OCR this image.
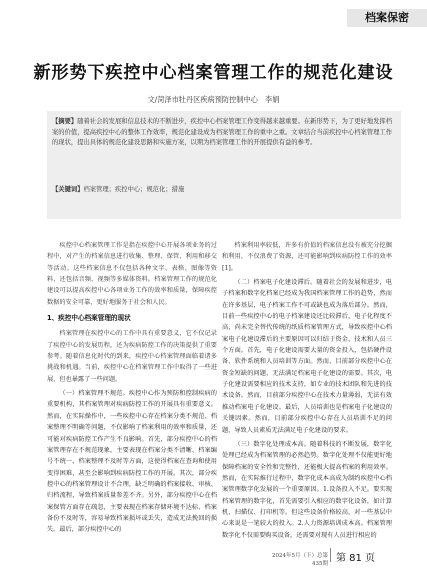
档案保密
新形势下疾控中心档案管理工作的规范化建设
文/菏泽市牡丹区疾病预防控制中心　李娟
【摘要】随着社会的发展和信息技术的不断进步，疾控中心档案管理工作变得越来越重要。在新形势下，为了更好地发挥档案的价值，提高疾控中心的整体工作效率，规范化建设成为档案管理工作的重中之重。文章结合当前疾控中心档案管理工作的现状，提出具体的规范化建设思路和实施方案，以期为档案管理工作的开展提供有益的参考。
【关键词】档案管理；疾控中心；规范化；措施

疾控中心档案管理工作是指在疾控中心开展各项业务的过程中，对产生的档案信息进行收集、整理、保管、利用和移交等活动。这些档案信息不仅包括各种文字、表格、图像等资料，还包括音频、视频等多媒体资料。档案管理工作的规范化建设可以提高疾控中心各项业务工作的效率和质量，保障疾控数据的安全可靠，更好地服务于社会和人民。

1、疾控中心档案管理的现状

档案管理在疾控中心的工作中具有重要意义，它不仅记录了疾控中心的发展历程，还为疾病防控工作的决策提供了重要参考。随着信息化时代的到来，疾控中心档案管理面临着诸多挑战和机遇。当前，疾控中心在档案管理工作中取得了一些进展，但也暴露了一些问题。

（一）档案管理不规范。疾控中心作为预防和控制疾病的重要机构，其档案管理对疾病防控工作的开展具有重要意义。然而，在实际操作中，一些疾控中心存在档案分类不规范、档案整理不明确等问题，不仅影响了档案利用的效率和质量，还可能对疾病防控工作产生不良影响。首先，部分疾控中心的档案管理存在不规范现象，主要表现在档案分类不清晰、档案编号不统一、档案整理不及时等方面，这使得档案在查询和使用变得困难，甚至会影响到疾病防控工作的开展。其次，部分疾控中心的档案管理设计不合理，缺乏明确的档案接收、审核、归档流程，导致档案质量参差不齐。另外，部分疾控中心在档案保管方面存在疏忽，主要表现在档案存储环境不达标、档案备份不及时等，容易导致档案损坏或丢失，造成无法挽回的损失。最后，部分疾控中心的

档案利用率较低，许多有价值的档案信息没有被充分挖掘和利用，不仅浪费了资源，还可能影响到疾病防控工作的效率[1]。

（二）档案电子化建设滞后。随着社会的发展和进步，电子档案和数字化档案已经成为我国档案管理工作的趋势，然而在许多基层，电子档案工作不可或缺也成为落后部分。然而，目前一些疾控中心的电子档案建设还比较滞后，电子化程度不高，尚未完全替代传统的纸质档案管理方式，导致疾控中心档案电子化建设滞后的主要原因可以归结于资金、技术和人员三个方面。首先，电子化建设需要大量的资金投入，包括硬件设备、软件系统和人员培训等方面。然而，目前部分疾控中心在资金短缺的问题，无法满足档案电子化建设的需要。其次，电子化建设需要相应的技术支持，如专业的技术团队和先进的技术设备。然而，目前部分疾控中心在技术力量薄弱，无法有效推动档案电子化建设。最后，人员培训也是档案电子化建设的关键因素。然而，目前部分疾控中心存在人员培训不足的问题，导致人员素质无法满足电子化建设的要求。
（三）数字化处理成本高。随着科技的不断发展，数字化处理已经成为档案管理的必然趋势。数字化处理不仅能更好地保障档案的安全性和完整性，还能极大提高档案的利用效率。然而，在实际推行过程中，数字化成本高成为制约疾控中心档案管理数字化发展的一个重要原因。1.设备投入不足。要实现档案管理的数字化，首先需要引入相应的数字化设备，如计算机、扫描仪、打印机等。但这些设备价格较高，对一些基层中心来说是一笔较大的投入。2.人力资源培训成本高。档案管理数字化不仅需要购买设备，还需要对现有人员进行相应的
2024年5月（下）总第435期 第 81 页
